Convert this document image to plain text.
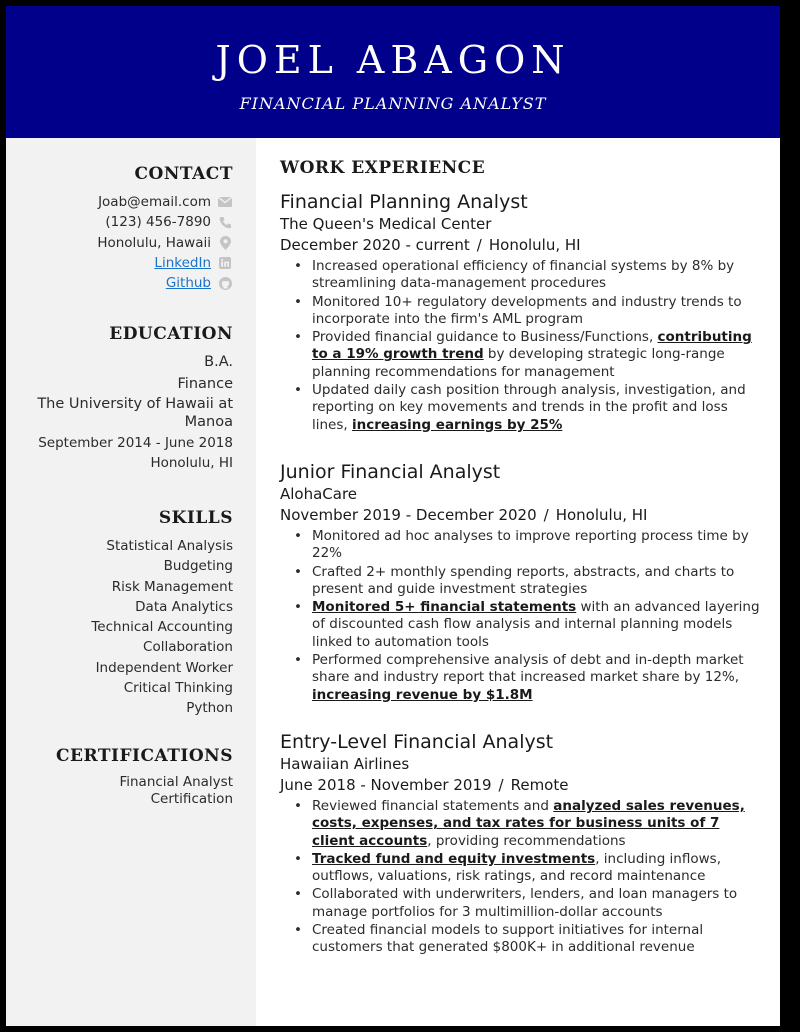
JOEL ABAGON
FINANCIAL PLANNING ANALYST
CONTACT
Joab@email.com
(123) 456-7890
Honolulu, Hawaii
LinkedIn
Github
EDUCATION
B.A.
Finance
The University of Hawaii at Manoa
September 2014 - June 2018
Honolulu, HI
SKILLS
Statistical Analysis
Budgeting
Risk Management
Data Analytics
Technical Accounting
Collaboration
Independent Worker
Critical Thinking
Python
CERTIFICATIONS
Financial Analyst Certification
WORK EXPERIENCE
Financial Planning Analyst
The Queen's Medical Center
December 2020 - current / Honolulu, HI
• Increased operational efficiency of financial systems by 8% by streamlining data-management procedures
• Monitored 10+ regulatory developments and industry trends to incorporate into the firm's AML program
• Provided financial guidance to Business/Functions, contributing to a 19% growth trend by developing strategic long-range planning recommendations for management
• Updated daily cash position through analysis, investigation, and reporting on key movements and trends in the profit and loss lines, increasing earnings by 25%
Junior Financial Analyst
AlohaCare
November 2019 - December 2020 / Honolulu, HI
• Monitored ad hoc analyses to improve reporting process time by 22%
• Crafted 2+ monthly spending reports, abstracts, and charts to present and guide investment strategies
• Monitored 5+ financial statements with an advanced layering of discounted cash flow analysis and internal planning models linked to automation tools
• Performed comprehensive analysis of debt and in-depth market share and industry report that increased market share by 12%, increasing revenue by $1.8M
Entry-Level Financial Analyst
Hawaiian Airlines
June 2018 - November 2019 / Remote
• Reviewed financial statements and analyzed sales revenues, costs, expenses, and tax rates for business units of 7 client accounts, providing recommendations
• Tracked fund and equity investments, including inflows, outflows, valuations, risk ratings, and record maintenance
• Collaborated with underwriters, lenders, and loan managers to manage portfolios for 3 multimillion-dollar accounts
• Created financial models to support initiatives for internal customers that generated $800K+ in additional revenue
